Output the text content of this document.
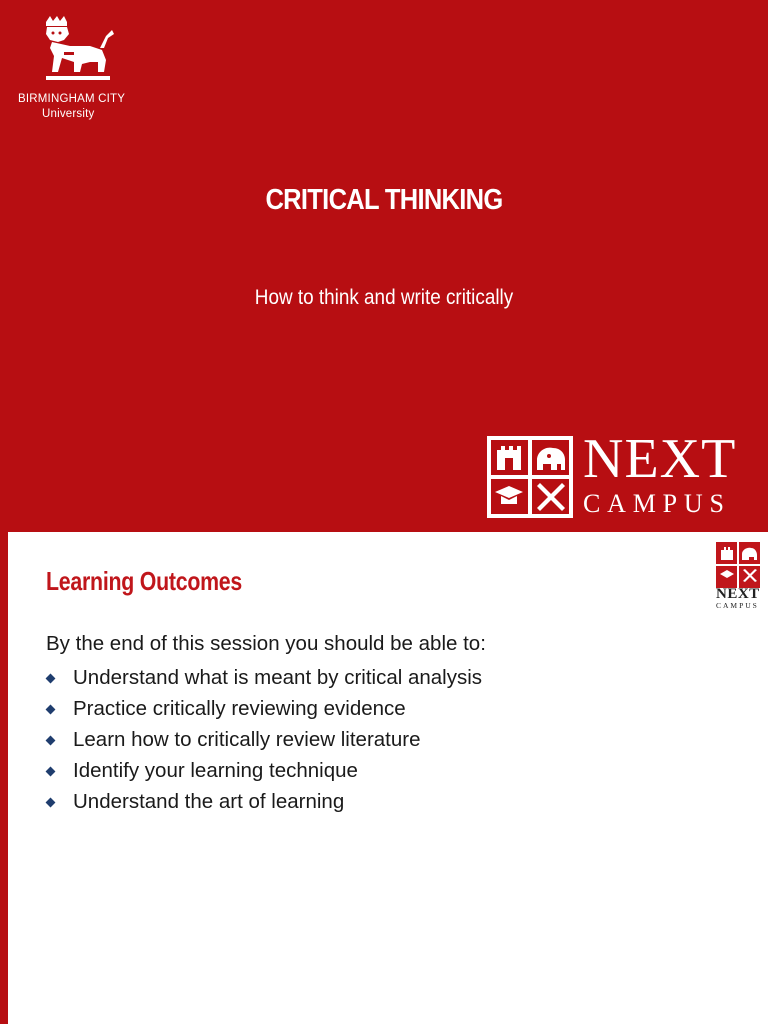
BIRMINGHAM CITY
University
CRITICAL THINKING
How to think and write critically
NEXT
CAMPUS
Learning Outcomes	NEXT
CAMPUS
By the end of this session you should be able to:
Understand what is meant by critical analysis
Practice critically reviewing evidence
Learn how to critically review literature
Identify your learning technique
Understand the art of learning
